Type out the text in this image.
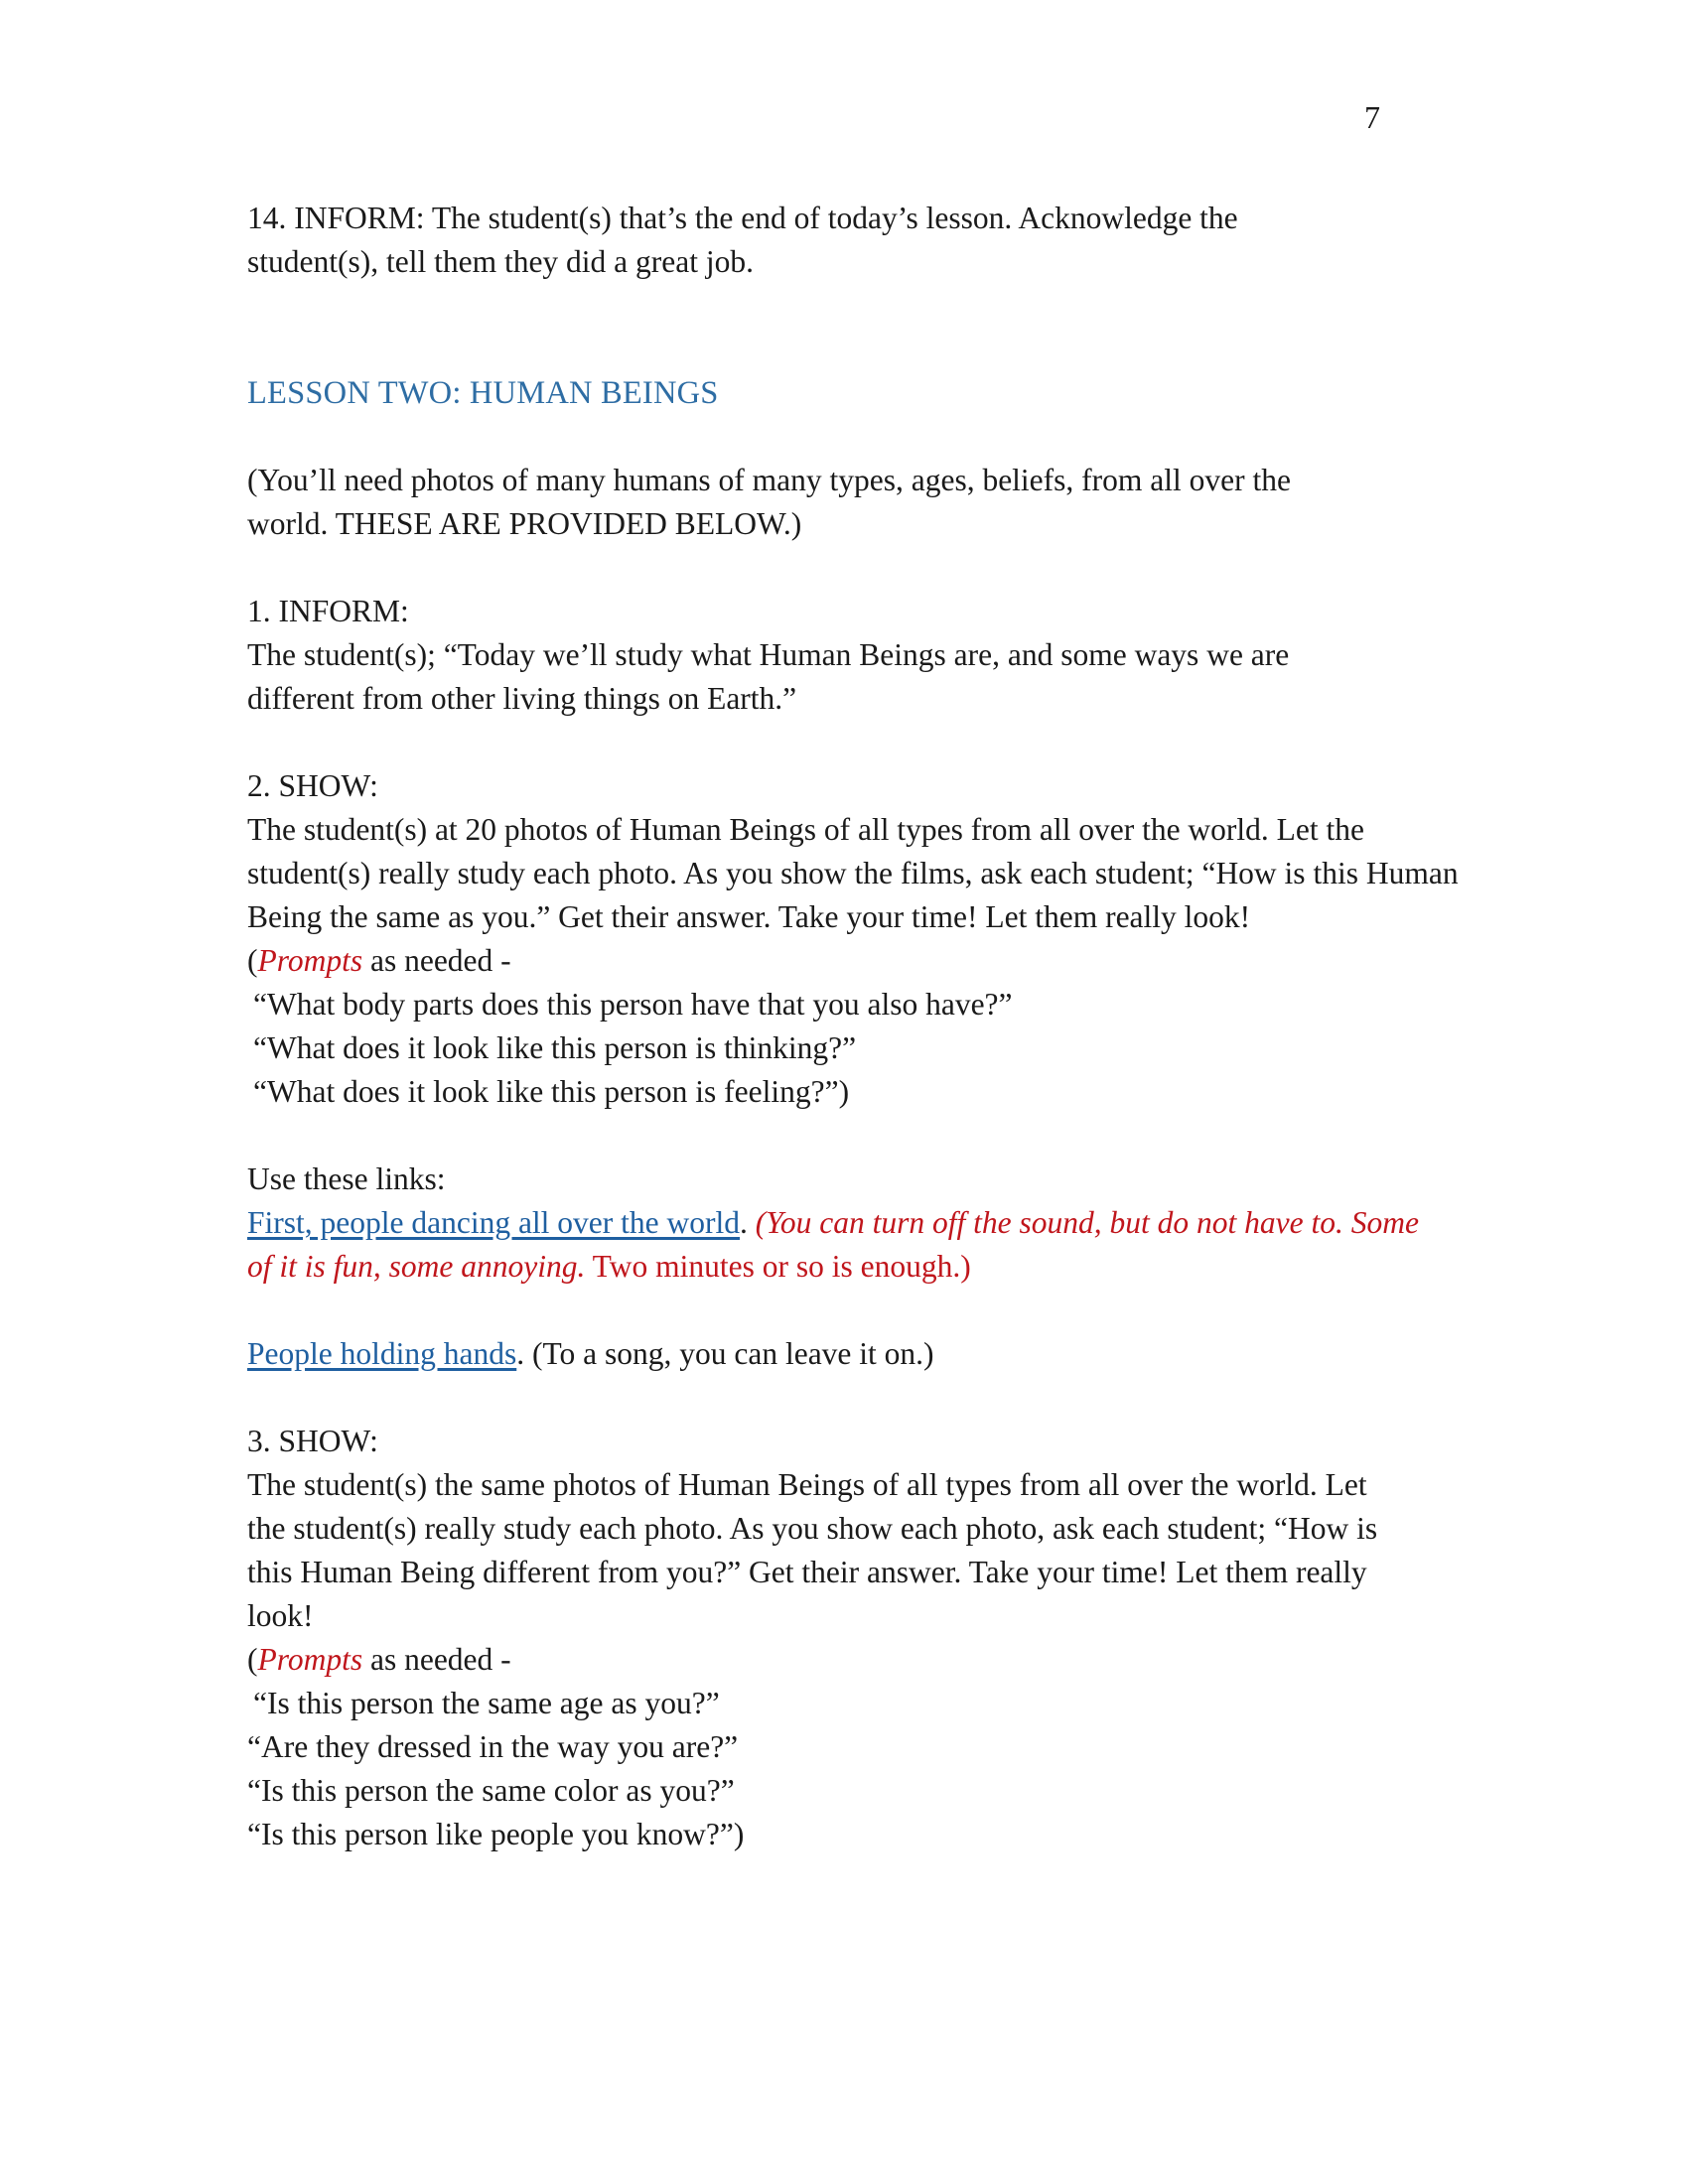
7

14. INFORM: The student(s) that’s the end of today’s lesson. Acknowledge the student(s), tell them they did a great job.

LESSON TWO: HUMAN BEINGS

(You’ll need photos of many humans of many types, ages, beliefs, from all over the world. THESE ARE PROVIDED BELOW.)

1. INFORM:

The student(s); “Today we’ll study what Human Beings are, and some ways we are different from other living things on Earth.”

2. SHOW:

The student(s) at 20 photos of Human Beings of all types from all over the world. Let the student(s) really study each photo. As you show the films, ask each student; “How is this Human Being the same as you.” Get their answer. Take your time! Let them really look!

(Prompts as needed -

“What body parts does this person have that you also have?”

“What does it look like this person is thinking?”

“What does it look like this person is feeling?”)

Use these links:

First, people dancing all over the world. (You can turn off the sound, but do not have to. Some of it is fun, some annoying. Two minutes or so is enough.)

People holding hands. (To a song, you can leave it on.)

3. SHOW:

The student(s) the same photos of Human Beings of all types from all over the world. Let the student(s) really study each photo. As you show each photo, ask each student; “How is this Human Being different from you?” Get their answer. Take your time! Let them really look!

(Prompts as needed -

“Is this person the same age as you?”

“Are they dressed in the way you are?”

“Is this person the same color as you?”

“Is this person like people you know?”)
